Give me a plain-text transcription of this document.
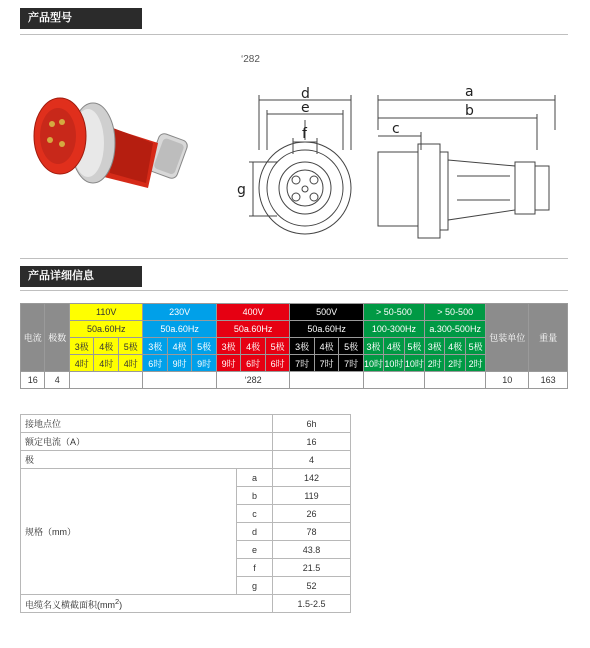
产品型号
‘282
d
e
f
g
a
b
c
产品详细信息
电流	极数	110V			230V			400V			500V			> 50-500			> 50-500			包装单位	重量
		50a.60Hz			50a.60Hz			50a.60Hz			50a.60Hz			100-300Hz			a.300-500Hz				
		3极	4极	5极	3极	4极	5极	3极	4极	5极	3极	4极	5极	3极	4极	5极	3极	4极	5极		
		4时	4时	4时	6时	9时	9时	9时	6时	6时	7时	7时	7时	10时	10时	10时	2时	2时	2时		
16	4							‘282												10	163
接地点位		6h
额定电流（A）		16
极		4
规格（mm）	a	142
	b	119
	c	26
	d	78
	e	43.8
	f	21.5
	g	52
电缆名义横截面积$(mm^2)$		1.5-2.5
